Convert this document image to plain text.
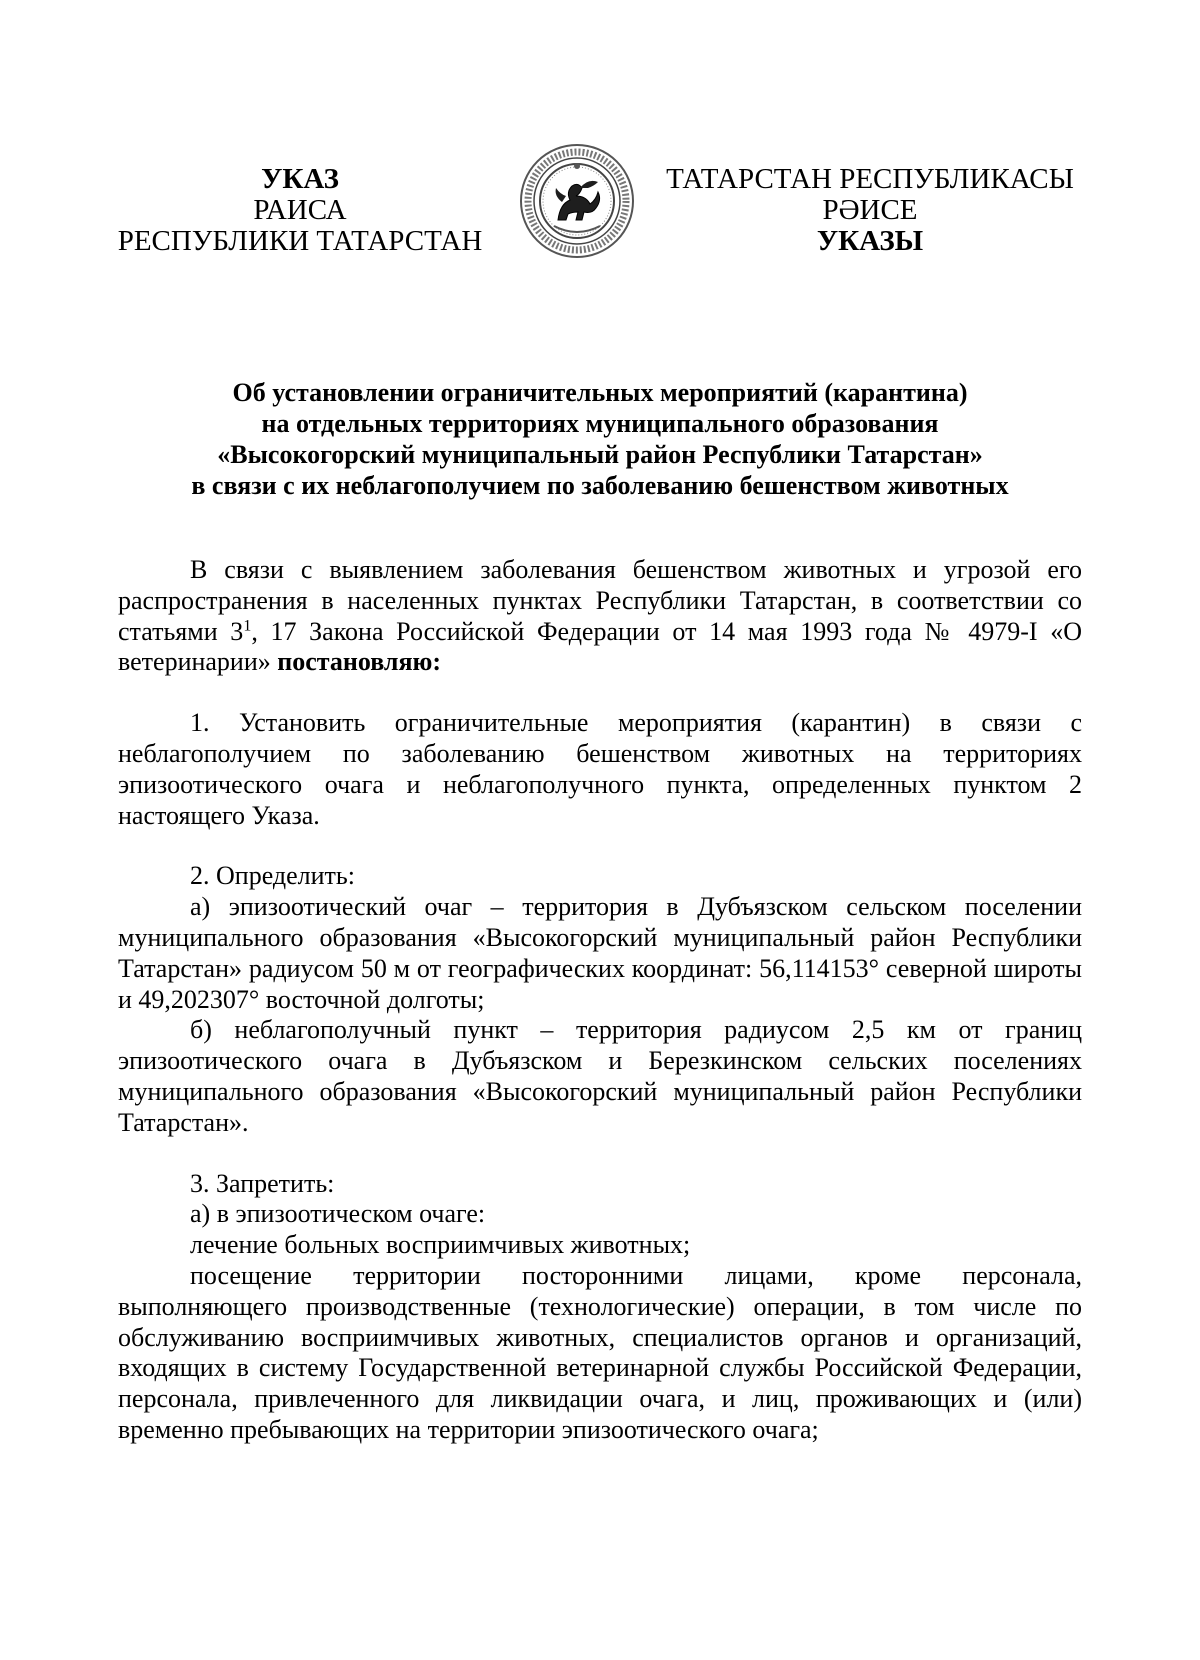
УКАЗ
РАИСА
РЕСПУБЛИКИ ТАТАРСТАН
ТАТАРСТАН РЕСПУБЛИКАСЫ
РӘИСЕ
УКАЗЫ
Об установлении ограничительных мероприятий (карантина)
на отдельных территориях муниципального образования
«Высокогорский муниципальный район Республики Татарстан»
в связи с их неблагополучием по заболеванию бешенством животных

В связи с выявлением заболевания бешенством животных и угрозой его распространения в населенных пунктах Республики Татарстан, в соответствии со статьями $3^1$, 17 Закона Российской Федерации от 14 мая 1993 года № 4979-I «О ветеринарии» постановляю:

1. Установить ограничительные мероприятия (карантин) в связи с неблагополучием по заболеванию бешенством животных на территориях эпизоотического очага и неблагополучного пункта, определенных пунктом 2 настоящего Указа.

2. Определить:

а) эпизоотический очаг – территория в Дубъязском сельском поселении муниципального образования «Высокогорский муниципальный район Республики Татарстан» радиусом 50 м от географических координат: 56,114153° северной широты и 49,202307° восточной долготы;

б) неблагополучный пункт – территория радиусом 2,5 км от границ эпизоотического очага в Дубъязском и Березкинском сельских поселениях муниципального образования «Высокогорский муниципальный район Республики Татарстан».

3. Запретить:

а) в эпизоотическом очаге:

лечение больных восприимчивых животных;

посещение территории посторонними лицами, кроме персонала, выполняющего производственные (технологические) операции, в том числе по обслуживанию восприимчивых животных, специалистов органов и организаций, входящих в систему Государственной ветеринарной службы Российской Федерации, персонала, привлеченного для ликвидации очага, и лиц, проживающих и (или) временно пребывающих на территории эпизоотического очага;
